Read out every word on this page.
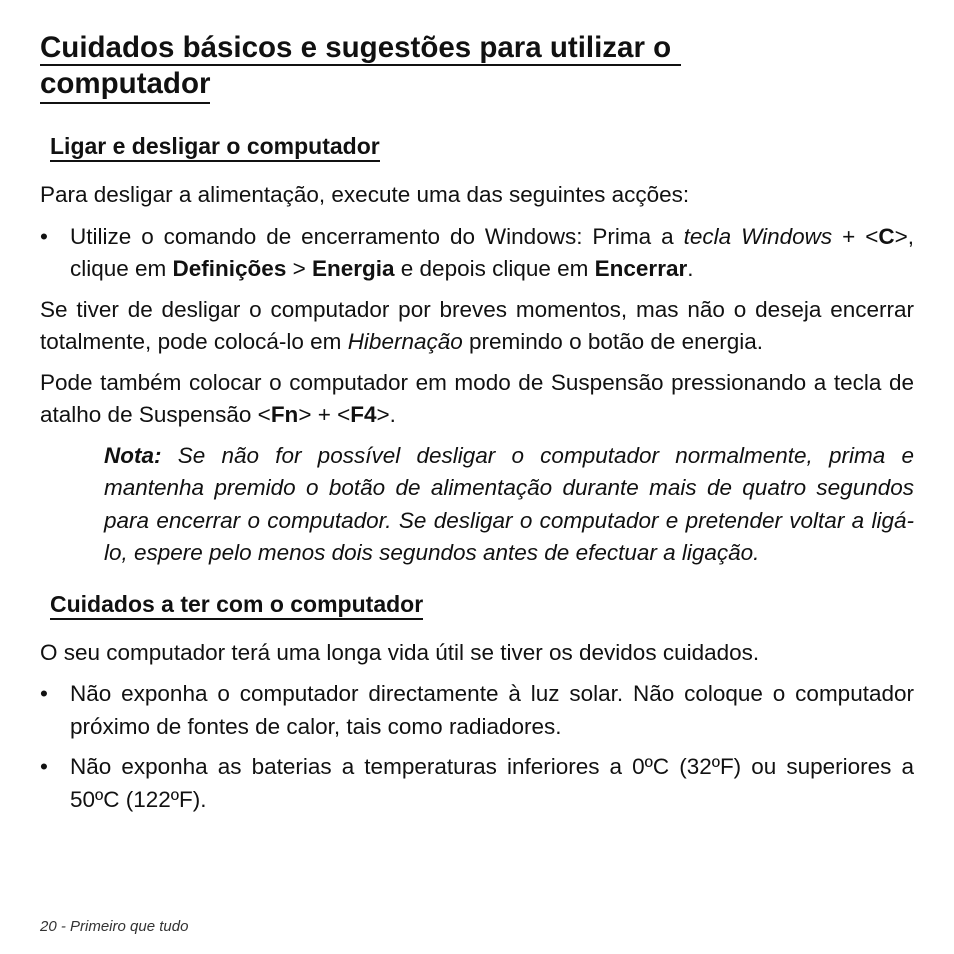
Cuidados básicos e sugestões para utilizar o
computador
Ligar e desligar o computador

Para desligar a alimentação, execute uma das seguintes acções:

• Utilize o comando de encerramento do Windows: Prima a tecla Windows + <C>, clique em Definições > Energia e depois clique em Encerrar.

Se tiver de desligar o computador por breves momentos, mas não o deseja encerrar totalmente, pode colocá-lo em Hibernação premindo o botão de energia.

Pode também colocar o computador em modo de Suspensão pressionando a tecla de atalho de Suspensão <Fn> + <F4>.

Nota: Se não for possível desligar o computador normalmente, prima e mantenha premido o botão de alimentação durante mais de quatro segundos para encerrar o computador. Se desligar o computador e pretender voltar a ligá-lo, espere pelo menos dois segundos antes de efectuar a ligação.

Cuidados a ter com o computador

O seu computador terá uma longa vida útil se tiver os devidos cuidados.

• Não exponha o computador directamente à luz solar. Não coloque o computador próximo de fontes de calor, tais como radiadores.

• Não exponha as baterias a temperaturas inferiores a 0ºC (32ºF) ou superiores a 50ºC (122ºF).

20 - Primeiro que tudo
